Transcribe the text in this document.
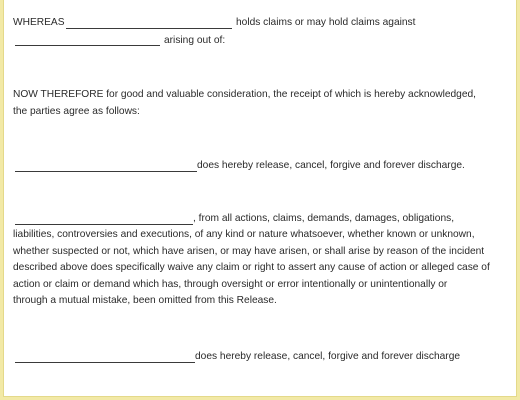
WHEREAS	holds claims or may hold claims against
arising out of:
NOW THEREFORE for good and valuable consideration, the receipt of which is hereby acknowledged,
the parties agree as follows:
does hereby release, cancel, forgive and forever discharge.
, from all actions, claims, demands, damages, obligations,
liabilities, controversies and executions, of any kind or nature whatsoever, whether known or unknown,
whether suspected or not, which have arisen, or may have arisen, or shall arise by reason of the incident
described above does specifically waive any claim or right to assert any cause of action or alleged case of
action or claim or demand which has, through oversight or error intentionally or unintentionally or
through a mutual mistake, been omitted from this Release.
does hereby release, cancel, forgive and forever discharge
